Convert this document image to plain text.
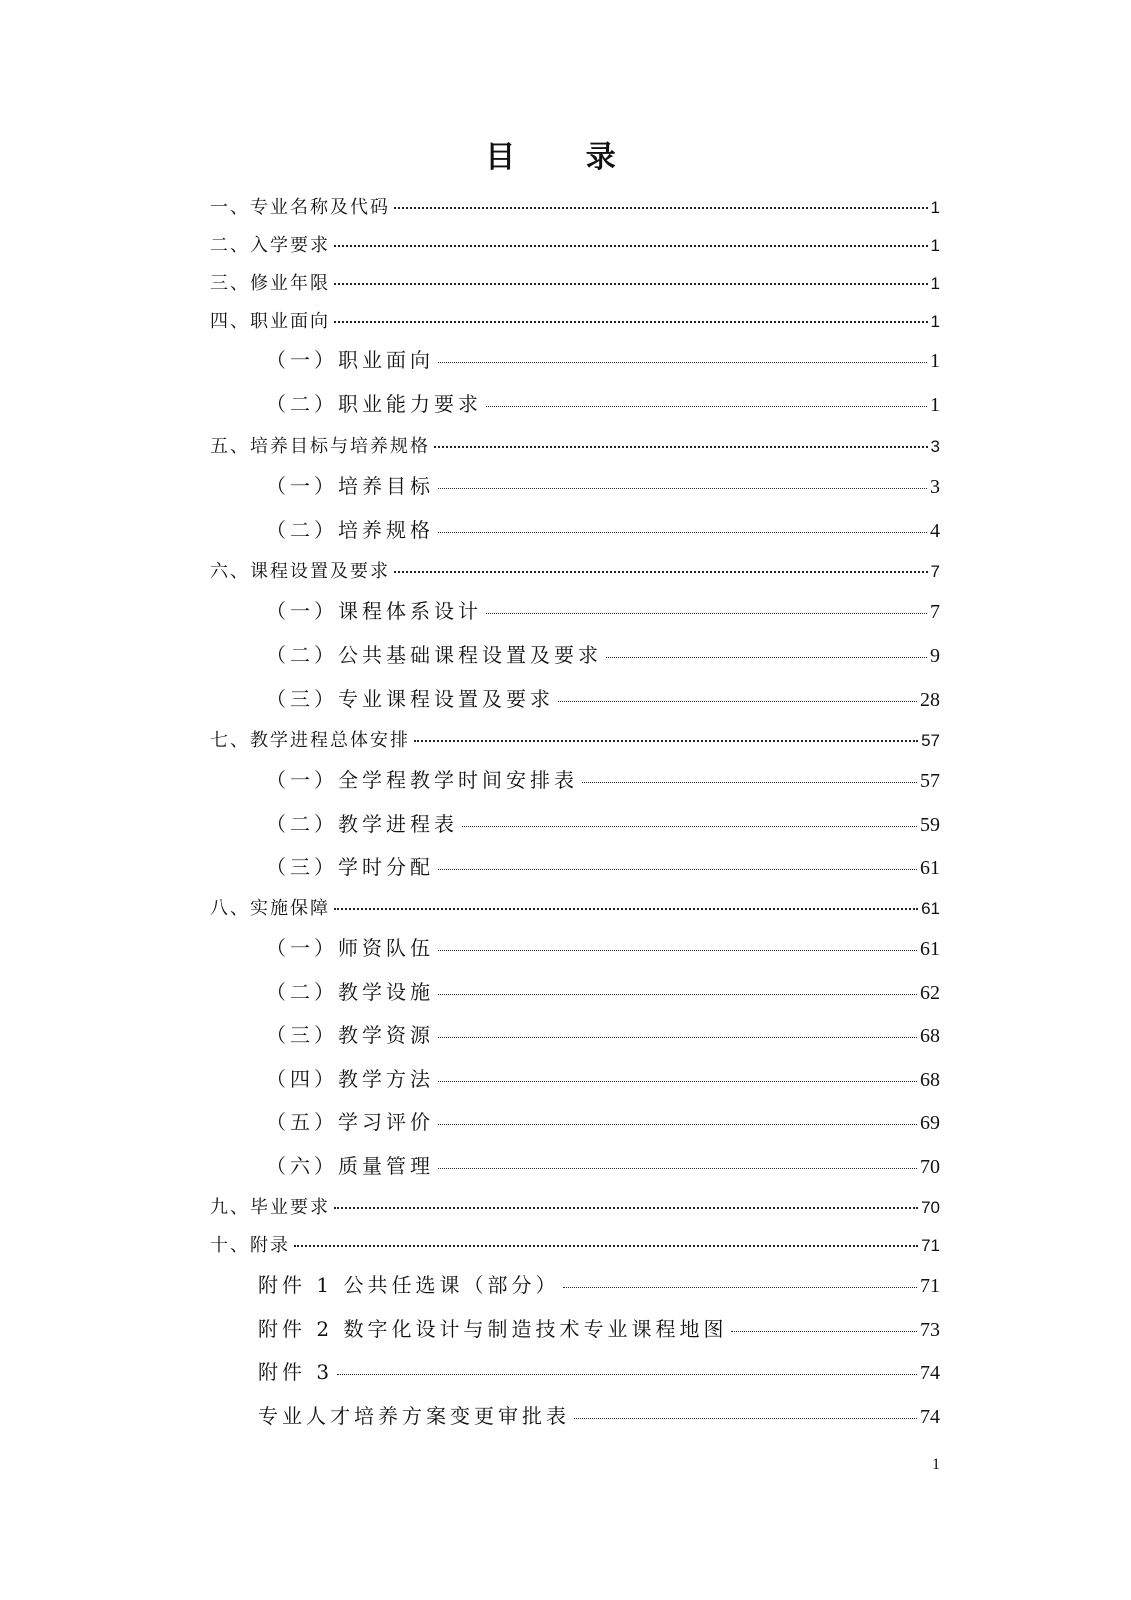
目 录
一、专业名称及代码	1
二、入学要求	1
三、修业年限	1
四、职业面向	1
（一）职业面向	1
（二）职业能力要求	1
五、培养目标与培养规格	3
（一）培养目标	3
（二）培养规格	4
六、课程设置及要求	7
（一）课程体系设计	7
（二）公共基础课程设置及要求	9
（三）专业课程设置及要求	28
七、教学进程总体安排	57
（一）全学程教学时间安排表	57
（二）教学进程表	59
（三）学时分配	61
八、实施保障	61
（一）师资队伍	61
（二）教学设施	62
（三）教学资源	68
（四）教学方法	68
（五）学习评价	69
（六）质量管理	70
九、毕业要求	70
十、附录	71
附件 1 公共任选课（部分）	71
附件 2 数字化设计与制造技术专业课程地图	73
附件 3	74
专业人才培养方案变更审批表	74
1
